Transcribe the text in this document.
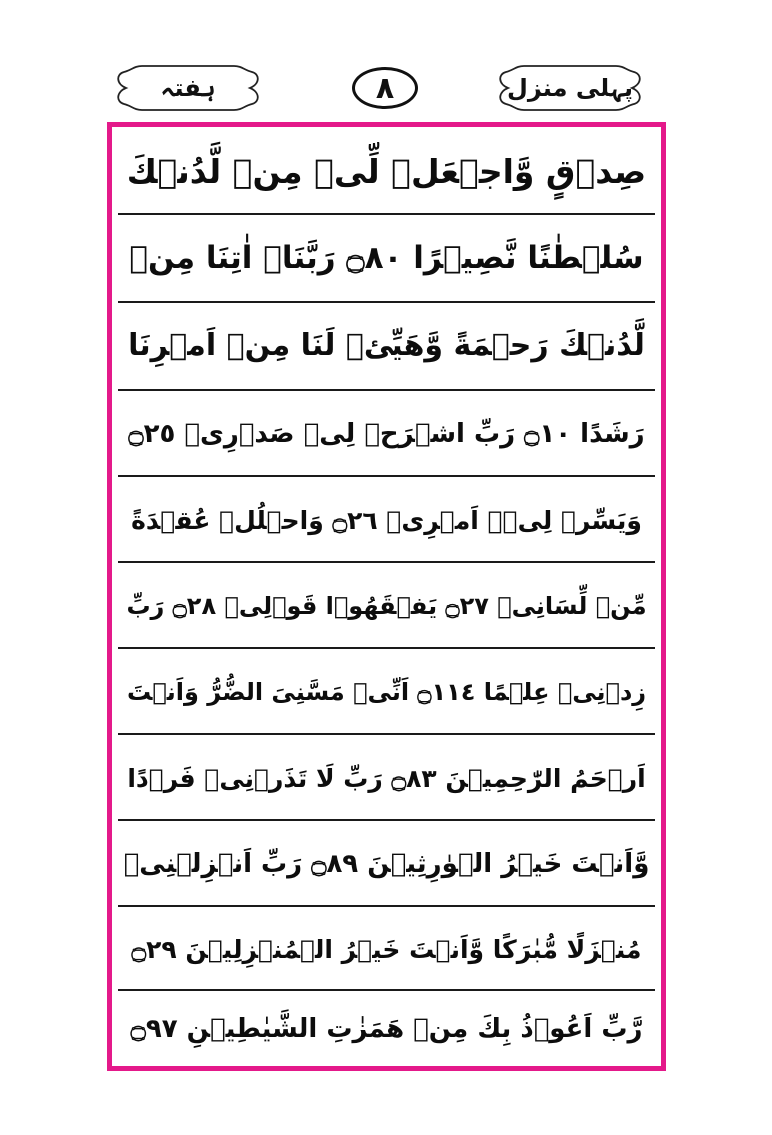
ہفتہ	۸	پہلی منزل
صِدۡقٍ وَّاجۡعَلۡ لِّیۡ مِنۡ لَّدُنۡكَ
سُلۡطٰنًا نَّصِيۡرًا ۝٨٠ رَبَّنَاۤ اٰتِنَا مِنۡ
لَّدُنۡكَ رَحۡمَةً وَّهَيِّئۡ لَنَا مِنۡ اَمۡرِنَا
رَشَدًا ۝١٠ رَبِّ اشۡرَحۡ لِیۡ صَدۡرِیۡ ۝٢٥
وَيَسِّرۡ لِیۡۤ اَمۡرِیۡ ۝٢٦ وَاحۡلُلۡ عُقۡدَةً
مِّنۡ لِّسَانِیۡ ۝٢٧ يَفۡقَهُوۡا قَوۡلِیۡ ۝٢٨ رَبِّ
زِدۡنِیۡ عِلۡمًا ۝١١٤ اَنِّیۡ مَسَّنِیَ الضُّرُّ وَاَنۡتَ
اَرۡحَمُ الرّٰحِمِيۡنَ ۝٨٣ رَبِّ لَا تَذَرۡنِیۡ فَرۡدًا
وَّاَنۡتَ خَيۡرُ الۡوٰرِثِيۡنَ ۝٨٩ رَبِّ اَنۡزِلۡنِیۡ
مُنۡزَلًا مُّبٰرَكًا وَّاَنۡتَ خَيۡرُ الۡمُنۡزِلِيۡنَ ۝٢٩
رَّبِّ اَعُوۡذُ بِكَ مِنۡ هَمَزٰتِ الشَّيٰطِيۡنِ ۝٩٧
